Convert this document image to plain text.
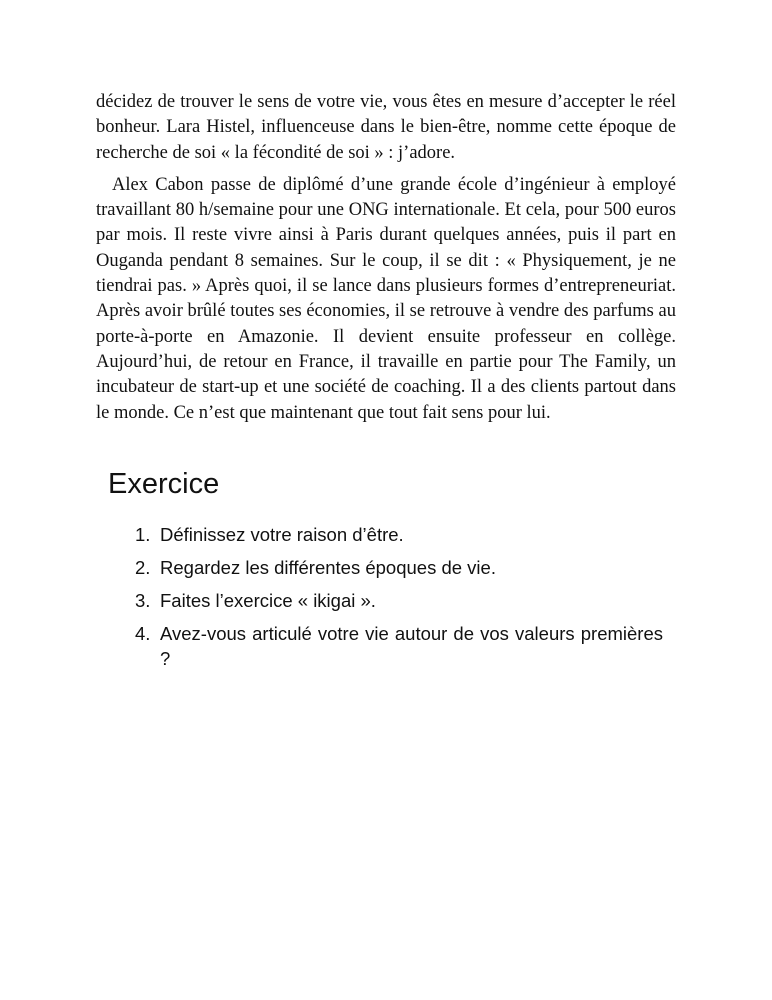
décidez de trouver le sens de votre vie, vous êtes en mesure d’accepter le réel bonheur. Lara Histel, influenceuse dans le bien-être, nomme cette époque de recherche de soi « la fécondité de soi » : j’adore.

Alex Cabon passe de diplômé d’une grande école d’ingénieur à employé travaillant 80 h/semaine pour une ONG internationale. Et cela, pour 500 euros par mois. Il reste vivre ainsi à Paris durant quelques années, puis il part en Ouganda pendant 8 semaines. Sur le coup, il se dit : « Physiquement, je ne tiendrai pas. » Après quoi, il se lance dans plusieurs formes d’entrepreneuriat. Après avoir brûlé toutes ses économies, il se retrouve à vendre des parfums au porte-à-porte en Amazonie. Il devient ensuite professeur en collège. Aujourd’hui, de retour en France, il travaille en partie pour The Family, un incubateur de start-up et une société de coaching. Il a des clients partout dans le monde. Ce n’est que maintenant que tout fait sens pour lui.

Exercice
1. Définissez votre raison d’être.
2. Regardez les différentes époques de vie.
3. Faites l’exercice « ikigai ».
4. Avez-vous articulé votre vie autour de vos valeurs premières ?
